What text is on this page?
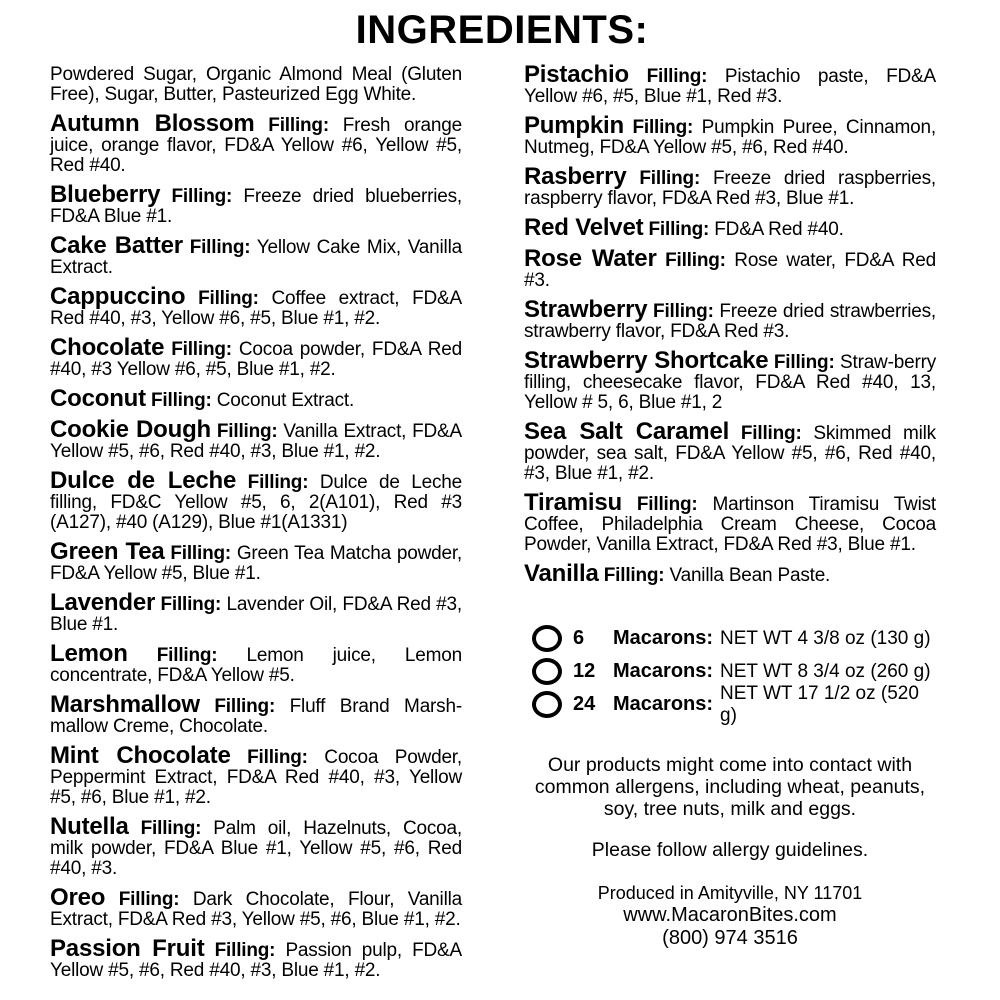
INGREDIENTS:

Powdered Sugar, Organic Almond Meal (Gluten Free), Sugar, Butter, Pasteurized Egg White.

Autumn Blossom Filling: Fresh orange juice, orange flavor, FD&A Yellow #6, Yellow #5, Red #40.

Blueberry Filling: Freeze dried blueberries, FD&A Blue #1.

Cake Batter Filling: Yellow Cake Mix, Vanilla Extract.

Cappuccino Filling: Coffee extract, FD&A Red #40, #3, Yellow #6, #5, Blue #1, #2.

Chocolate Filling: Cocoa powder, FD&A Red #40, #3 Yellow #6, #5, Blue #1, #2.

Coconut Filling: Coconut Extract.

Cookie Dough Filling: Vanilla Extract, FD&A Yellow #5, #6, Red #40, #3, Blue #1, #2.

Dulce de Leche Filling: Dulce de Leche filling, FD&C Yellow #5, 6, 2(A101), Red #3 (A127), #40 (A129), Blue #1(A1331)

Green Tea Filling: Green Tea Matcha powder, FD&A Yellow #5, Blue #1.

Lavender Filling: Lavender Oil, FD&A Red #3, Blue #1.

Lemon Filling: Lemon juice, Lemon concentrate, FD&A Yellow #5.

Marshmallow Filling: Fluff Brand Marsh-mallow Creme, Chocolate.

Mint Chocolate Filling: Cocoa Powder, Peppermint Extract, FD&A Red #40, #3, Yellow #5, #6, Blue #1, #2.

Nutella Filling: Palm oil, Hazelnuts, Cocoa, milk powder, FD&A Blue #1, Yellow #5, #6, Red #40, #3.

Oreo Filling: Dark Chocolate, Flour, Vanilla Extract, FD&A Red #3, Yellow #5, #6, Blue #1, #2.

Passion Fruit Filling: Passion pulp, FD&A Yellow #5, #6, Red #40, #3, Blue #1, #2.

Pistachio Filling: Pistachio paste, FD&A Yellow #6, #5, Blue #1, Red #3.

Pumpkin Filling: Pumpkin Puree, Cinnamon, Nutmeg, FD&A Yellow #5, #6, Red #40.

Rasberry Filling: Freeze dried raspberries, raspberry flavor, FD&A Red #3, Blue #1.

Red Velvet Filling: FD&A Red #40.

Rose Water Filling: Rose water, FD&A Red #3.

Strawberry Filling: Freeze dried strawberries, strawberry flavor, FD&A Red #3.

Strawberry Shortcake Filling: Straw-berry filling, cheesecake flavor, FD&A Red #40, 13, Yellow # 5, 6, Blue #1, 2

Sea Salt Caramel Filling: Skimmed milk powder, sea salt, FD&A Yellow #5, #6, Red #40, #3, Blue #1, #2.

Tiramisu Filling: Martinson Tiramisu Twist Coffee, Philadelphia Cream Cheese, Cocoa Powder, Vanilla Extract, FD&A Red #3, Blue #1.

Vanilla Filling: Vanilla Bean Paste.

6	Macarons: NET WT 4 3/8 oz (130 g)
12 Macarons: NET WT 8 3/4 oz (260 g)
24 Macarons: NET WT 17 1/2 oz (520 g)

Our products might come into contact with common allergens, including wheat, peanuts, soy, tree nuts, milk and eggs.

Please follow allergy guidelines.

Produced in Amityville, NY 11701

www.MacaronBites.com

(800) 974 3516
